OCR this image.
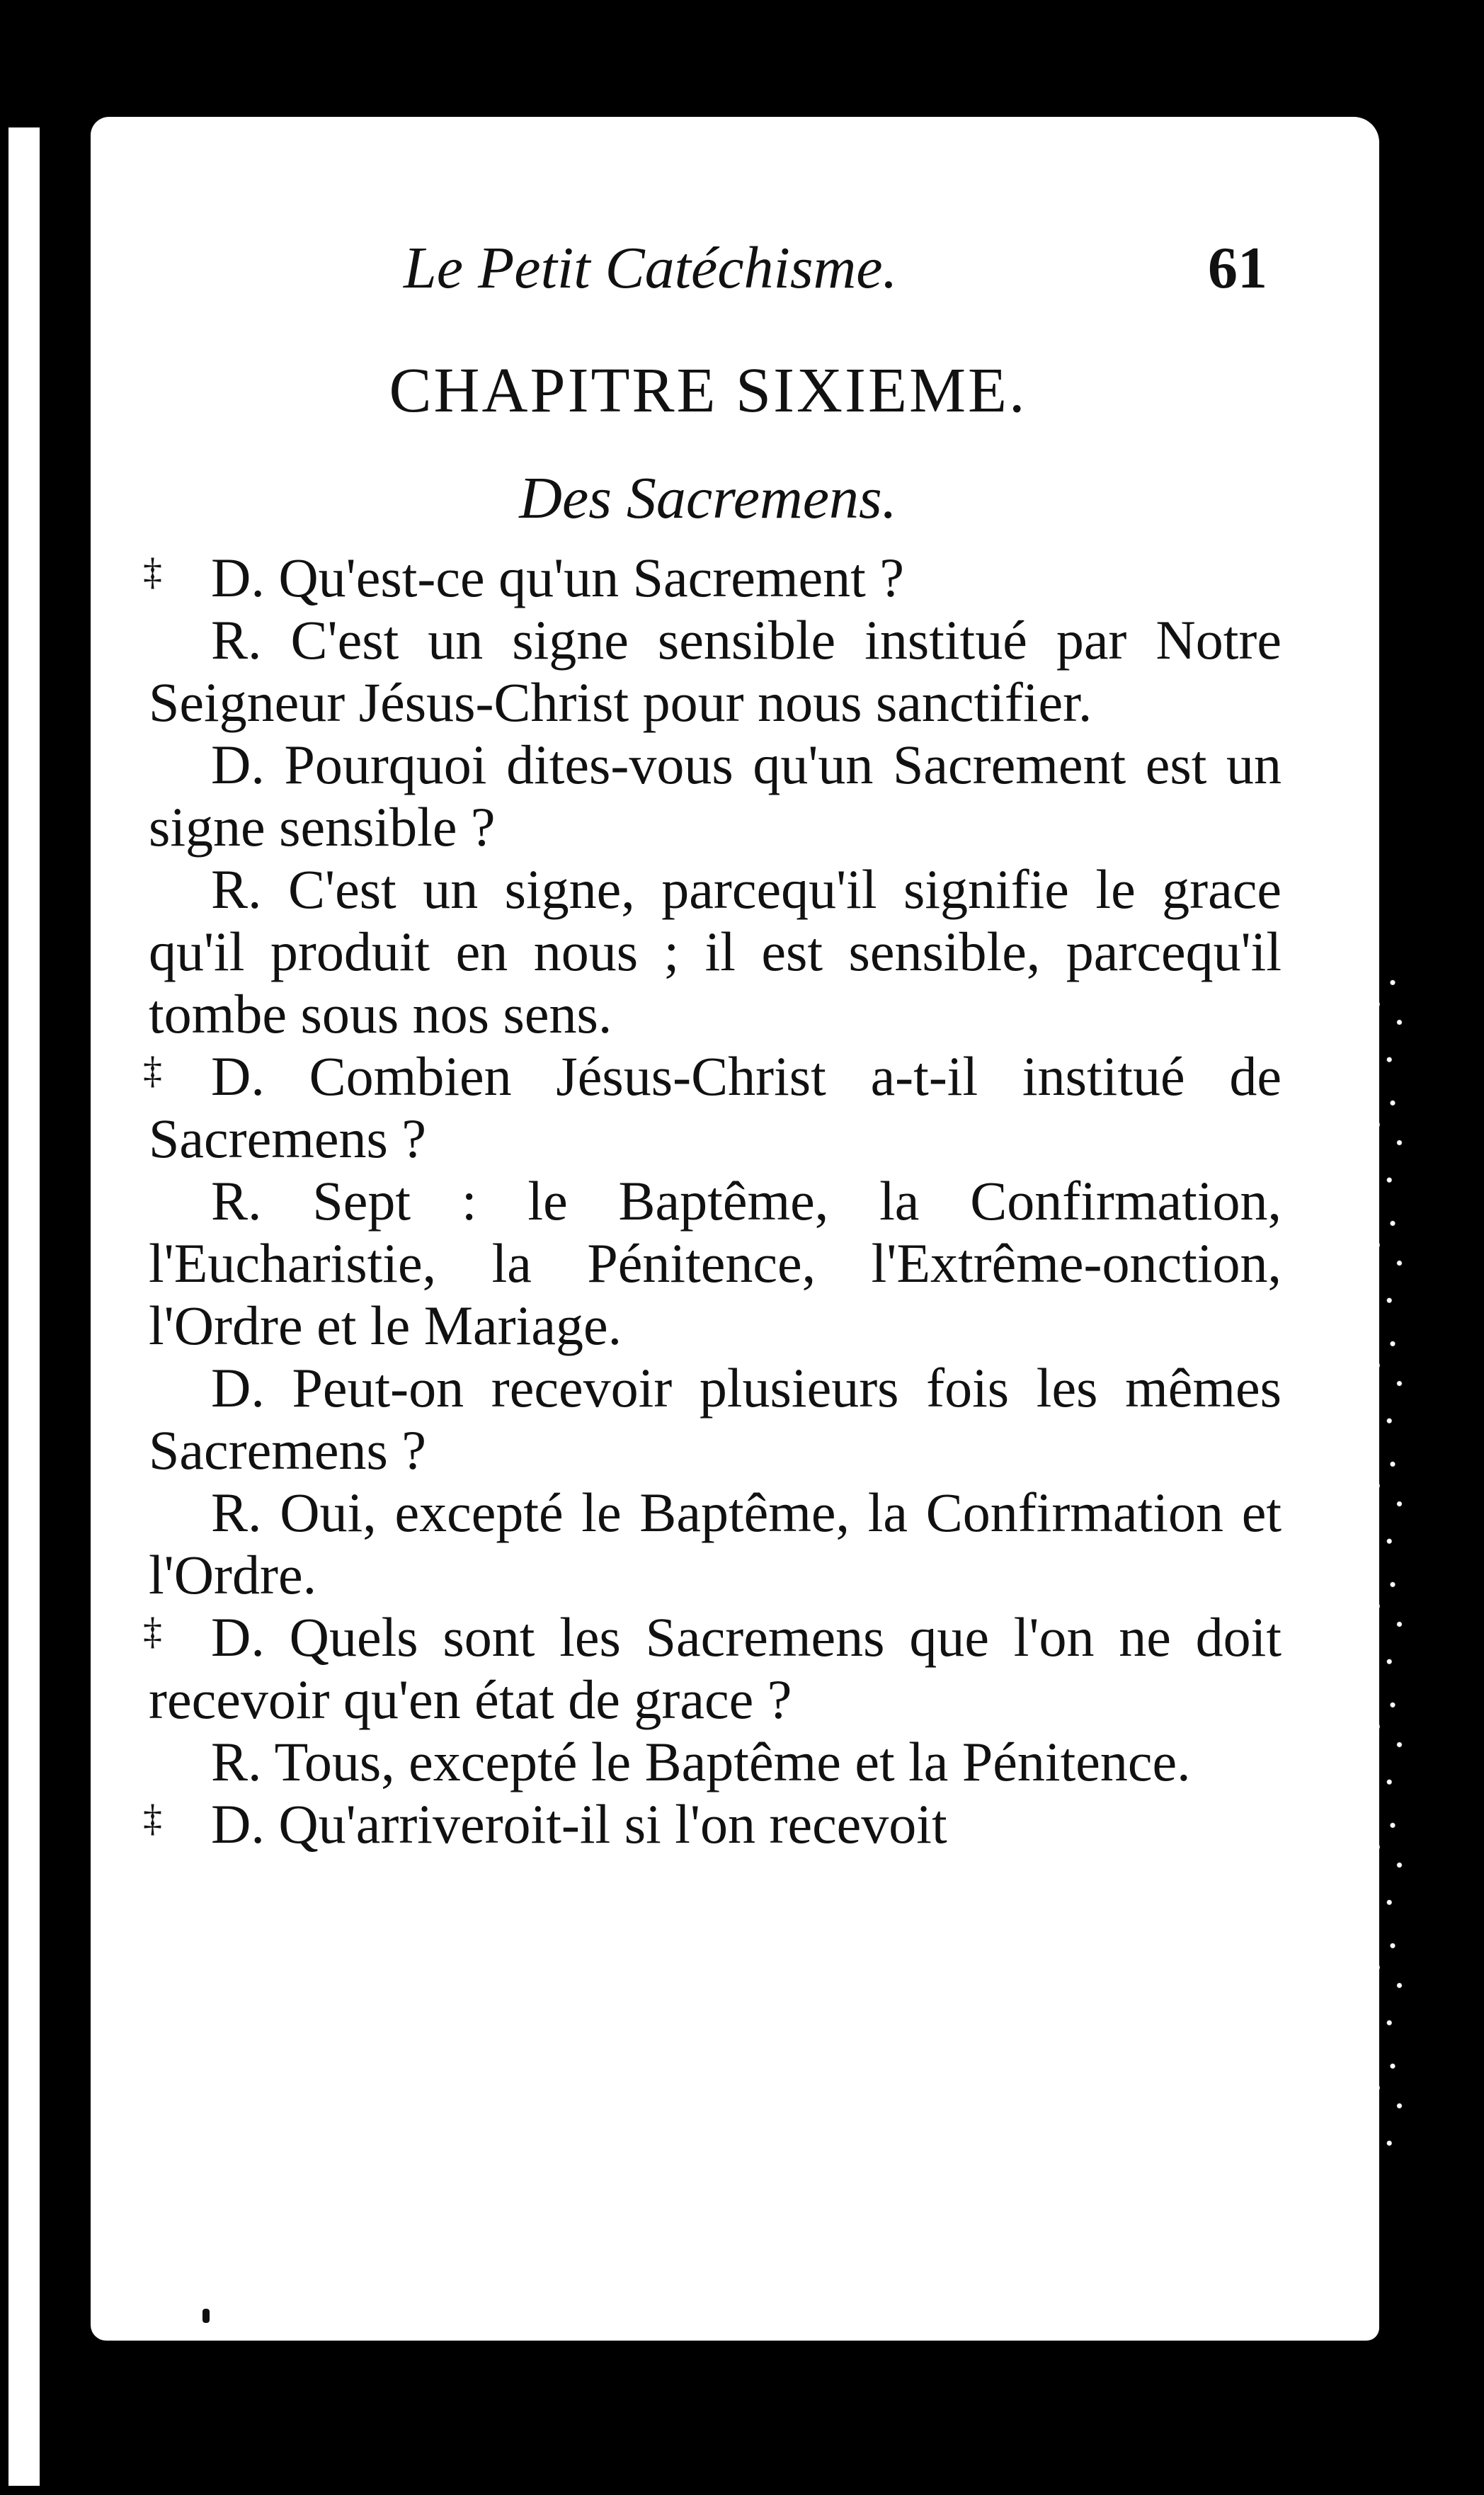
Le Petit Catéchisme.	61
CHAPITRE SIXIEME.
Des Sacremens.
‡ D. Qu'est-ce qu'un Sacrement ?
R. C'est un signe sensible institué par Notre Seigneur Jésus-Christ pour nous sanctifier.
D. Pourquoi dites-vous qu'un Sacrement est un signe sensible ?
R. C'est un signe, parcequ'il signifie le grace qu'il produit en nous ; il est sensible, parcequ'il tombe sous nos sens.
‡ D. Combien Jésus-Christ a-t-il institué de Sacremens ?
R. Sept : le Baptême, la Confirmation, l'Eucharistie, la Pénitence, l'Extrême-onction, l'Ordre et le Mariage.
D. Peut-on recevoir plusieurs fois les mêmes Sacremens ?
R. Oui, excepté le Baptême, la Confirmation et l'Ordre.
‡ D. Quels sont les Sacremens que l'on ne doit recevoir qu'en état de grace ?
R. Tous, excepté le Baptême et la Pénitence.
‡ D. Qu'arriveroit-il si l'on recevoit
